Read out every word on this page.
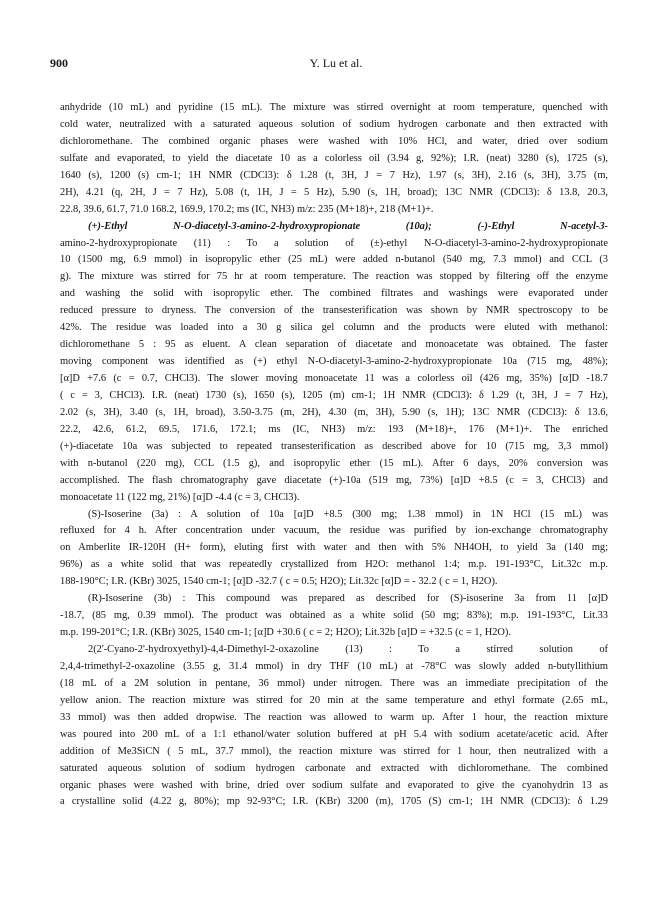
900	Y. Lu et al.
anhydride (10 mL) and pyridine (15 mL). The mixture was stirred overnight at room temperature, quenched with
cold water, neutralized with a saturated aqueous solution of sodium hydrogen carbonate and then extracted with
dichloromethane. The combined organic phases were washed with 10% HCl, and water, dried over sodium
sulfate and evaporated, to yield the diacetate 10 as a colorless oil (3.94 g, 92%); I.R. (neat) 3280 (s), 1725 (s),
1640 (s), 1200 (s) cm-1; 1H NMR (CDCl3): δ 1.28 (t, 3H, J = 7 Hz), 1.97 (s, 3H), 2.16 (s, 3H), 3.75 (m,
2H), 4.21 (q, 2H, J = 7 Hz), 5.08 (t, 1H, J = 5 Hz), 5.90 (s, 1H, broad); 13C NMR (CDCl3): δ 13.8, 20.3,
22.8, 39.6, 61.7, 71.0 168.2, 169.9, 170.2; ms (IC, NH3) m/z: 235 (M+18)+, 218 (M+1)+.
(+)-Ethyl N-O-diacetyl-3-amino-2-hydroxypropionate (10a); (-)-Ethyl N-acetyl-3-
amino-2-hydroxypropionate (11) : To a solution of (±)-ethyl N-O-diacetyl-3-amino-2-hydroxypropionate
10 (1500 mg, 6.9 mmol) in isopropylic ether (25 mL) were added n-butanol (540 mg, 7.3 mmol) and CCL (3
g). The mixture was stirred for 75 hr at room temperature. The reaction was stopped by filtering off the enzyme
and washing the solid with isopropylic ether. The combined filtrates and washings were evaporated under
reduced pressure to dryness. The conversion of the transesterification was shown by NMR spectroscopy to be
42%. The residue was loaded into a 30 g silica gel column and the products were eluted with methanol:
dichloromethane 5 : 95 as eluent. A clean separation of diacetate and monoacetate was obtained. The faster
moving component was identified as (+) ethyl N-O-diacetyl-3-amino-2-hydroxypropionate 10a (715 mg, 48%);
[α]D +7.6 (c = 0.7, CHCl3). The slower moving monoacetate 11 was a colorless oil (426 mg, 35%) [α]D -18.7
( c = 3, CHCl3). I.R. (neat) 1730 (s), 1650 (s), 1205 (m) cm-1; 1H NMR (CDCl3): δ 1.29 (t, 3H, J = 7 Hz),
2.02 (s, 3H), 3.40 (s, 1H, broad), 3.50-3.75 (m, 2H), 4.30 (m, 3H), 5.90 (s, 1H); 13C NMR (CDCl3): δ 13.6,
22.2, 42.6, 61.2, 69.5, 171.6, 172.1; ms (IC, NH3) m/z: 193 (M+18)+, 176 (M+1)+. The enriched
(+)-diacetate 10a was subjected to repeated transesterification as described above for 10 (715 mg, 3,3 mmol)
with n-butanol (220 mg), CCL (1.5 g), and isopropylic ether (15 mL). After 6 days, 20% conversion was
accomplished. The flash chromatography gave diacetate (+)-10a (519 mg, 73%) [α]D +8.5 (c = 3, CHCl3) and
monoacetate 11 (122 mg, 21%) [α]D -4.4 (c = 3, CHCl3).
(S)-Isoserine (3a) : A solution of 10a [α]D +8.5 (300 mg; 1.38 mmol) in 1N HCl (15 mL) was
refluxed for 4 h. After concentration under vacuum, the residue was purified by ion-exchange chromatography
on Amberlite IR-120H (H+ form), eluting first with water and then with 5% NH4OH, to yield 3a (140 mg;
96%) as a white solid that was repeatedly crystallized from H2O: methanol 1:4; m.p. 191-193°C, Lit.32c m.p.
188-190°C; I.R. (KBr) 3025, 1540 cm-1; [α]D -32.7 ( c = 0.5; H2O); Lit.32c [α]D = - 32.2 ( c = 1, H2O).
(R)-Isoserine (3b) : This compound was prepared as described for (S)-isoserine 3a from 11 [α]D
-18.7, (85 mg, 0.39 mmol). The product was obtained as a white solid (50 mg; 83%); m.p. 191-193°C, Lit.33
m.p. 199-201°C; I.R. (KBr) 3025, 1540 cm-1; [α]D +30.6 ( c = 2; H2O); Lit.32b [α]D = +32.5 (c = 1, H2O).
2(2'-Cyano-2'-hydroxyethyl)-4,4-Dimethyl-2-oxazoline (13) : To a stirred solution of
2,4,4-trimethyl-2-oxazoline (3.55 g, 31.4 mmol) in dry THF (10 mL) at -78°C was slowly added n-butyllithium
(18 mL of a 2M solution in pentane, 36 mmol) under nitrogen. There was an immediate precipitation of the
yellow anion. The reaction mixture was stirred for 20 min at the same temperature and ethyl formate (2.65 mL,
33 mmol) was then added dropwise. The reaction was allowed to warm up. After 1 hour, the reaction mixture
was poured into 200 mL of a 1:1 ethanol/water solution buffered at pH 5.4 with sodium acetate/acetic acid. After
addition of Me3SiCN ( 5 mL, 37.7 mmol), the reaction mixture was stirred for 1 hour, then neutralized with a
saturated aqueous solution of sodium hydrogen carbonate and extracted with dichloromethane. The combined
organic phases were washed with brine, dried over sodium sulfate and evaporated to give the cyanohydrin 13 as
a crystalline solid (4.22 g, 80%); mp 92-93°C; I.R. (KBr) 3200 (m), 1705 (S) cm-1; 1H NMR (CDCl3): δ 1.29
